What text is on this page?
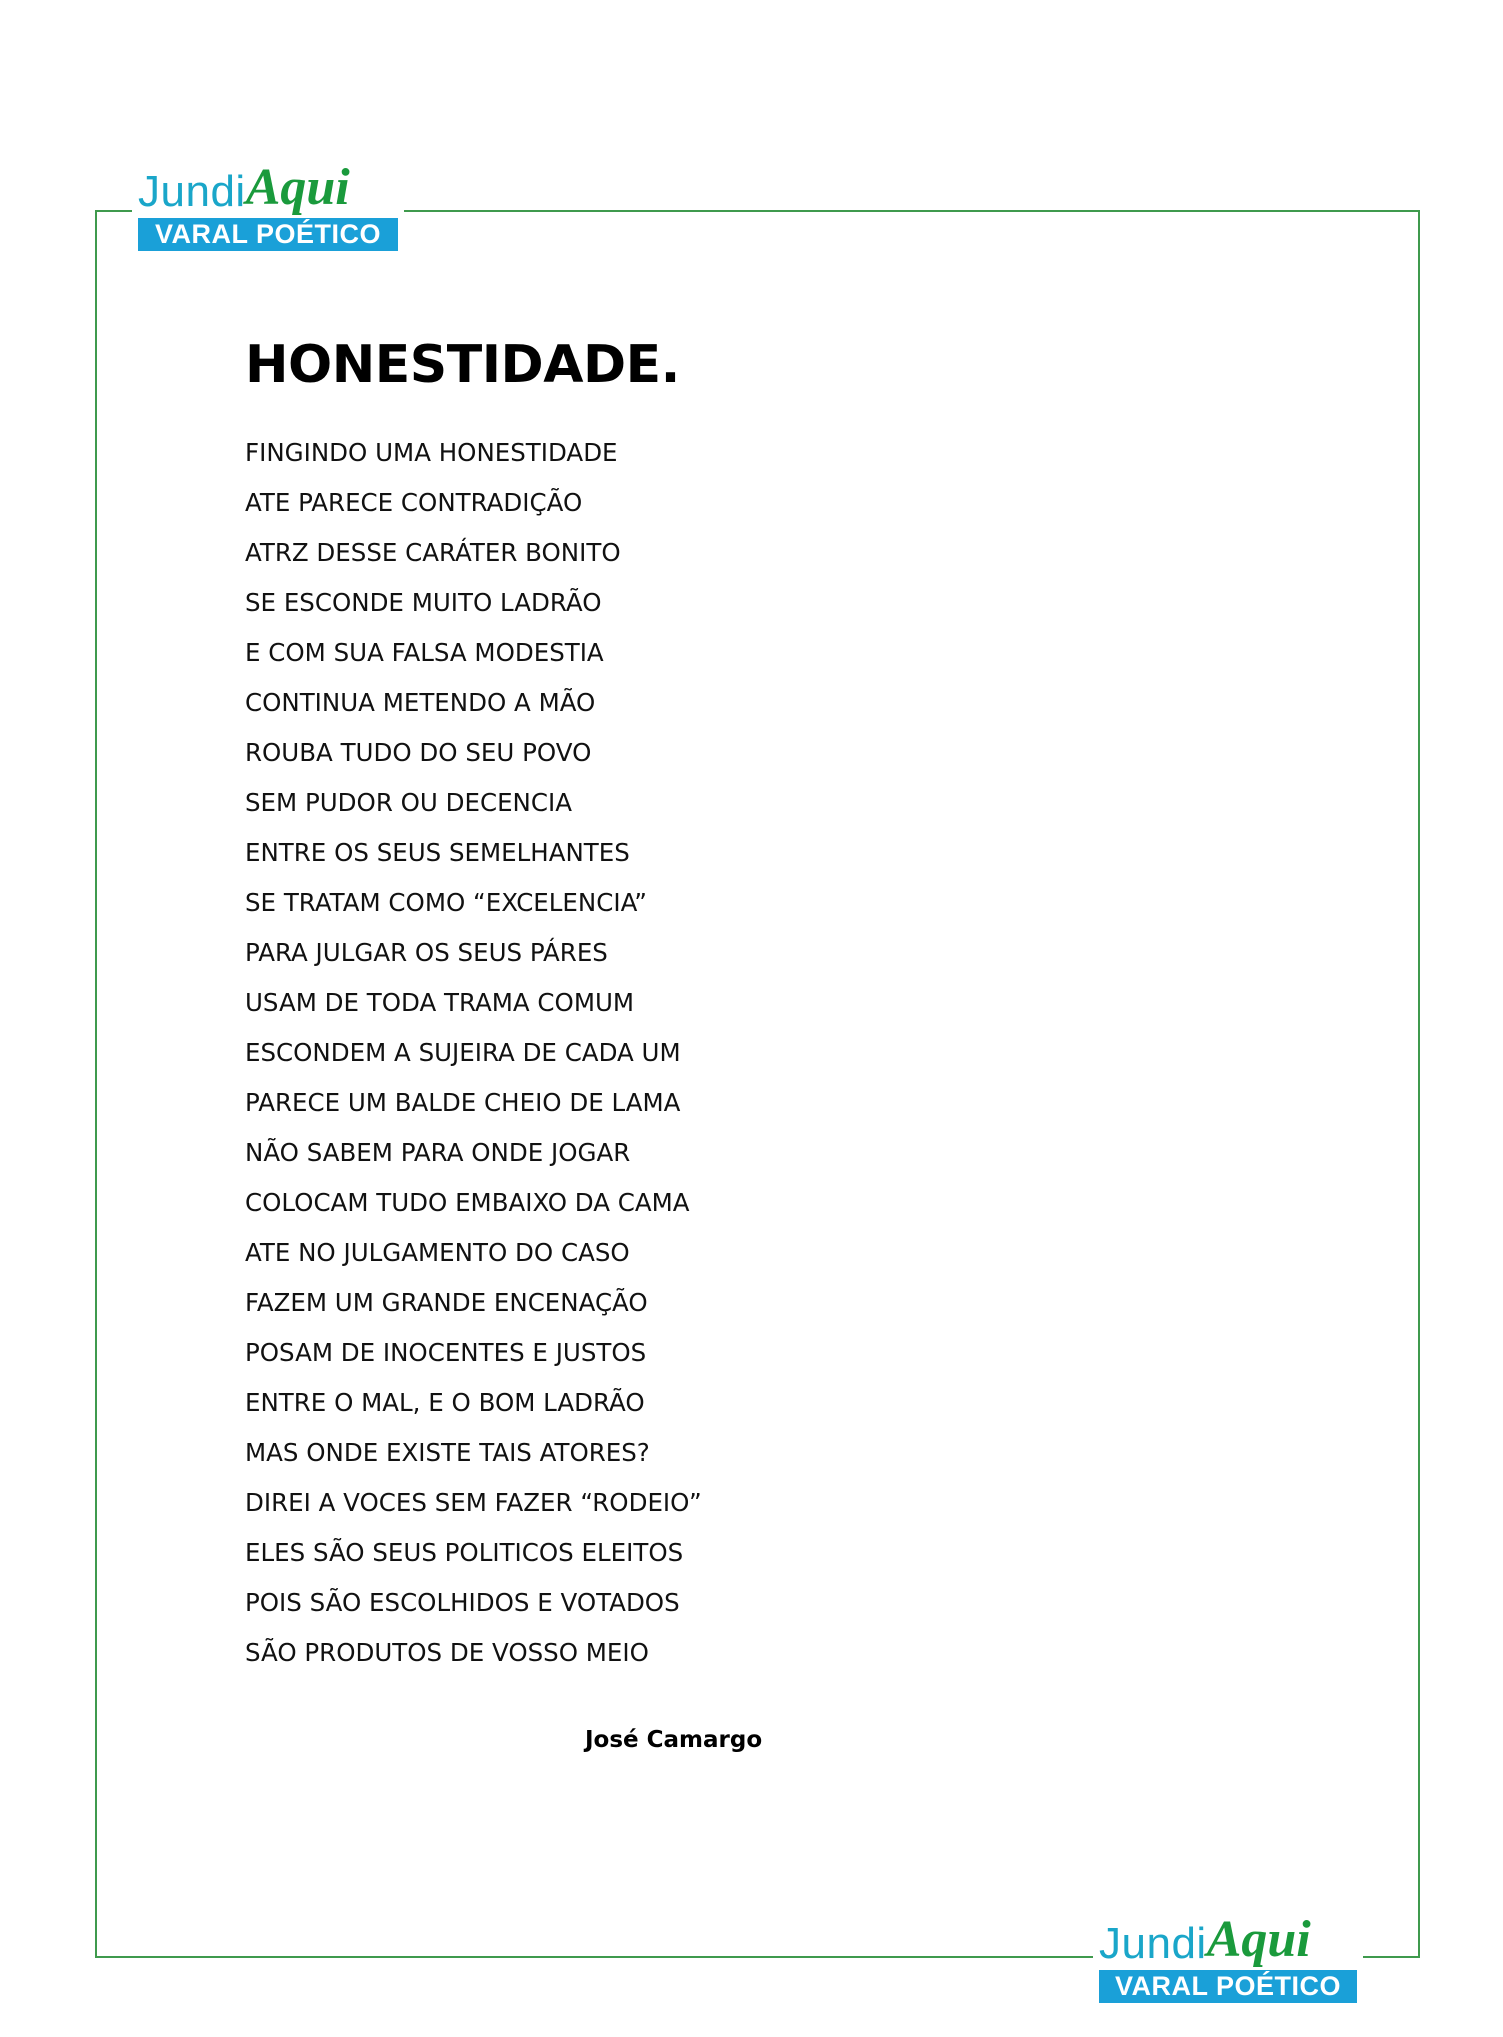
Jundi Aqui
VARAL POÉTICO
HONESTIDADE.
FINGINDO UMA HONESTIDADE
ATE PARECE CONTRADIÇÃO
ATRZ DESSE CARÁTER BONITO
SE ESCONDE MUITO LADRÃO
E COM SUA FALSA MODESTIA
CONTINUA METENDO A MÃO
ROUBA TUDO DO SEU POVO
SEM PUDOR OU DECENCIA
ENTRE OS SEUS SEMELHANTES
SE TRATAM COMO “EXCELENCIA”
PARA JULGAR OS SEUS PÁRES
USAM DE TODA TRAMA COMUM
ESCONDEM A SUJEIRA DE CADA UM
PARECE UM BALDE CHEIO DE LAMA
NÃO SABEM PARA ONDE JOGAR
COLOCAM TUDO EMBAIXO DA CAMA
ATE NO JULGAMENTO DO CASO
FAZEM UM GRANDE ENCENAÇÃO
POSAM DE INOCENTES E JUSTOS
ENTRE O MAL, E O BOM LADRÃO
MAS ONDE EXISTE TAIS ATORES?
DIREI A VOCES SEM FAZER “RODEIO”
ELES SÃO SEUS POLITICOS ELEITOS
POIS SÃO ESCOLHIDOS E VOTADOS
SÃO PRODUTOS DE VOSSO MEIO
José Camargo
Jundi Aqui
VARAL POÉTICO
